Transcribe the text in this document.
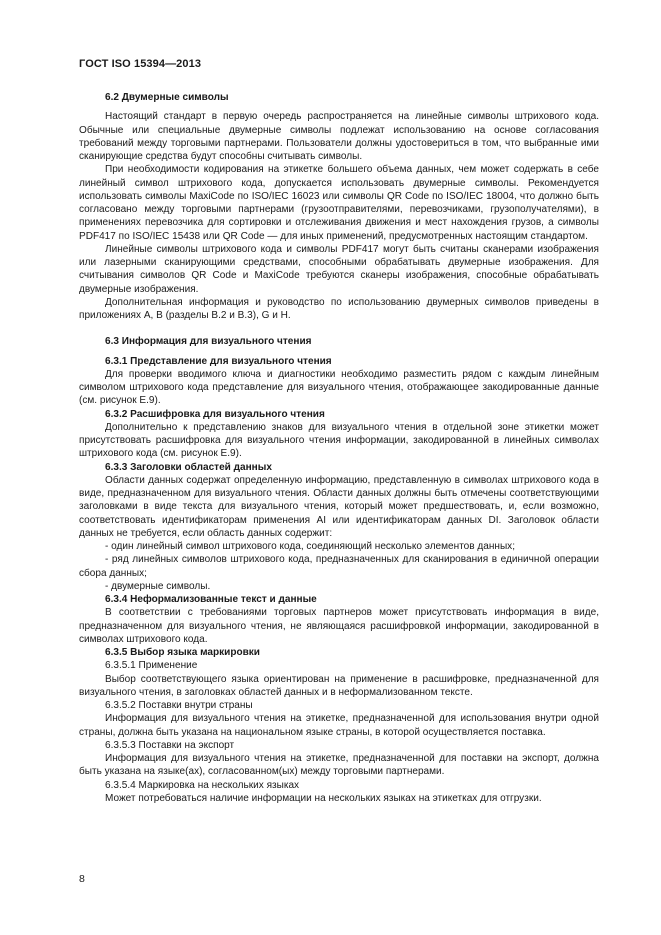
ГОСТ ISO 15394—2013

6.2 Двумерные символы

Настоящий стандарт в первую очередь распространяется на линейные символы штрихового кода. Обычные или специальные двумерные символы подлежат использованию на основе согласования требований между торговыми партнерами. Пользователи должны удостовериться в том, что выбранные ими сканирующие средства будут способны считывать символы.

При необходимости кодирования на этикетке большего объема данных, чем может содержать в себе линейный символ штрихового кода, допускается использовать двумерные символы. Рекомендуется использовать символы MaxiCode по ISO/IEC 16023 или символы QR Code по ISO/IEC 18004, что должно быть согласовано между торговыми партнерами (грузоотправителями, перевозчиками, грузополучателями), в применениях перевозчика для сортировки и отслеживания движения и мест нахождения грузов, а символы PDF417 по ISO/IEC 15438 или QR Code — для иных применений, предусмотренных настоящим стандартом.

Линейные символы штрихового кода и символы PDF417 могут быть считаны сканерами изображения или лазерными сканирующими средствами, способными обрабатывать двумерные изображения. Для считывания символов QR Code и MaxiCode требуются сканеры изображения, способные обрабатывать двумерные изображения.

Дополнительная информация и руководство по использованию двумерных символов приведены в приложениях А, В (разделы В.2 и В.3), G и Н.

6.3 Информация для визуального чтения

6.3.1 Представление для визуального чтения

Для проверки вводимого ключа и диагностики необходимо разместить рядом с каждым линейным символом штрихового кода представление для визуального чтения, отображающее закодированные данные (см. рисунок Е.9).

6.3.2 Расшифровка для визуального чтения

Дополнительно к представлению знаков для визуального чтения в отдельной зоне этикетки может присутствовать расшифровка для визуального чтения информации, закодированной в линейных символах штрихового кода (см. рисунок Е.9).

6.3.3 Заголовки областей данных

Области данных содержат определенную информацию, представленную в символах штрихового кода в виде, предназначенном для визуального чтения. Области данных должны быть отмечены соответствующими заголовками в виде текста для визуального чтения, который может предшествовать, и, если возможно, соответствовать идентификаторам применения AI или идентификаторам данных DI. Заголовок области данных не требуется, если область данных содержит:

- один линейный символ штрихового кода, соединяющий несколько элементов данных;

- ряд линейных символов штрихового кода, предназначенных для сканирования в единичной операции сбора данных;

- двумерные символы.

6.3.4 Неформализованные текст и данные

В соответствии с требованиями торговых партнеров может присутствовать информация в виде, предназначенном для визуального чтения, не являющаяся расшифровкой информации, закодированной в символах штрихового кода.

6.3.5 Выбор языка маркировки

6.3.5.1 Применение

Выбор соответствующего языка ориентирован на применение в расшифровке, предназначенной для визуального чтения, в заголовках областей данных и в неформализованном тексте.

6.3.5.2 Поставки внутри страны

Информация для визуального чтения на этикетке, предназначенной для использования внутри одной страны, должна быть указана на национальном языке страны, в которой осуществляется поставка.

6.3.5.3 Поставки на экспорт

Информация для визуального чтения на этикетке, предназначенной для поставки на экспорт, должна быть указана на языке(ах), согласованном(ых) между торговыми партнерами.

6.3.5.4 Маркировка на нескольких языках

Может потребоваться наличие информации на нескольких языках на этикетках для отгрузки.

8
